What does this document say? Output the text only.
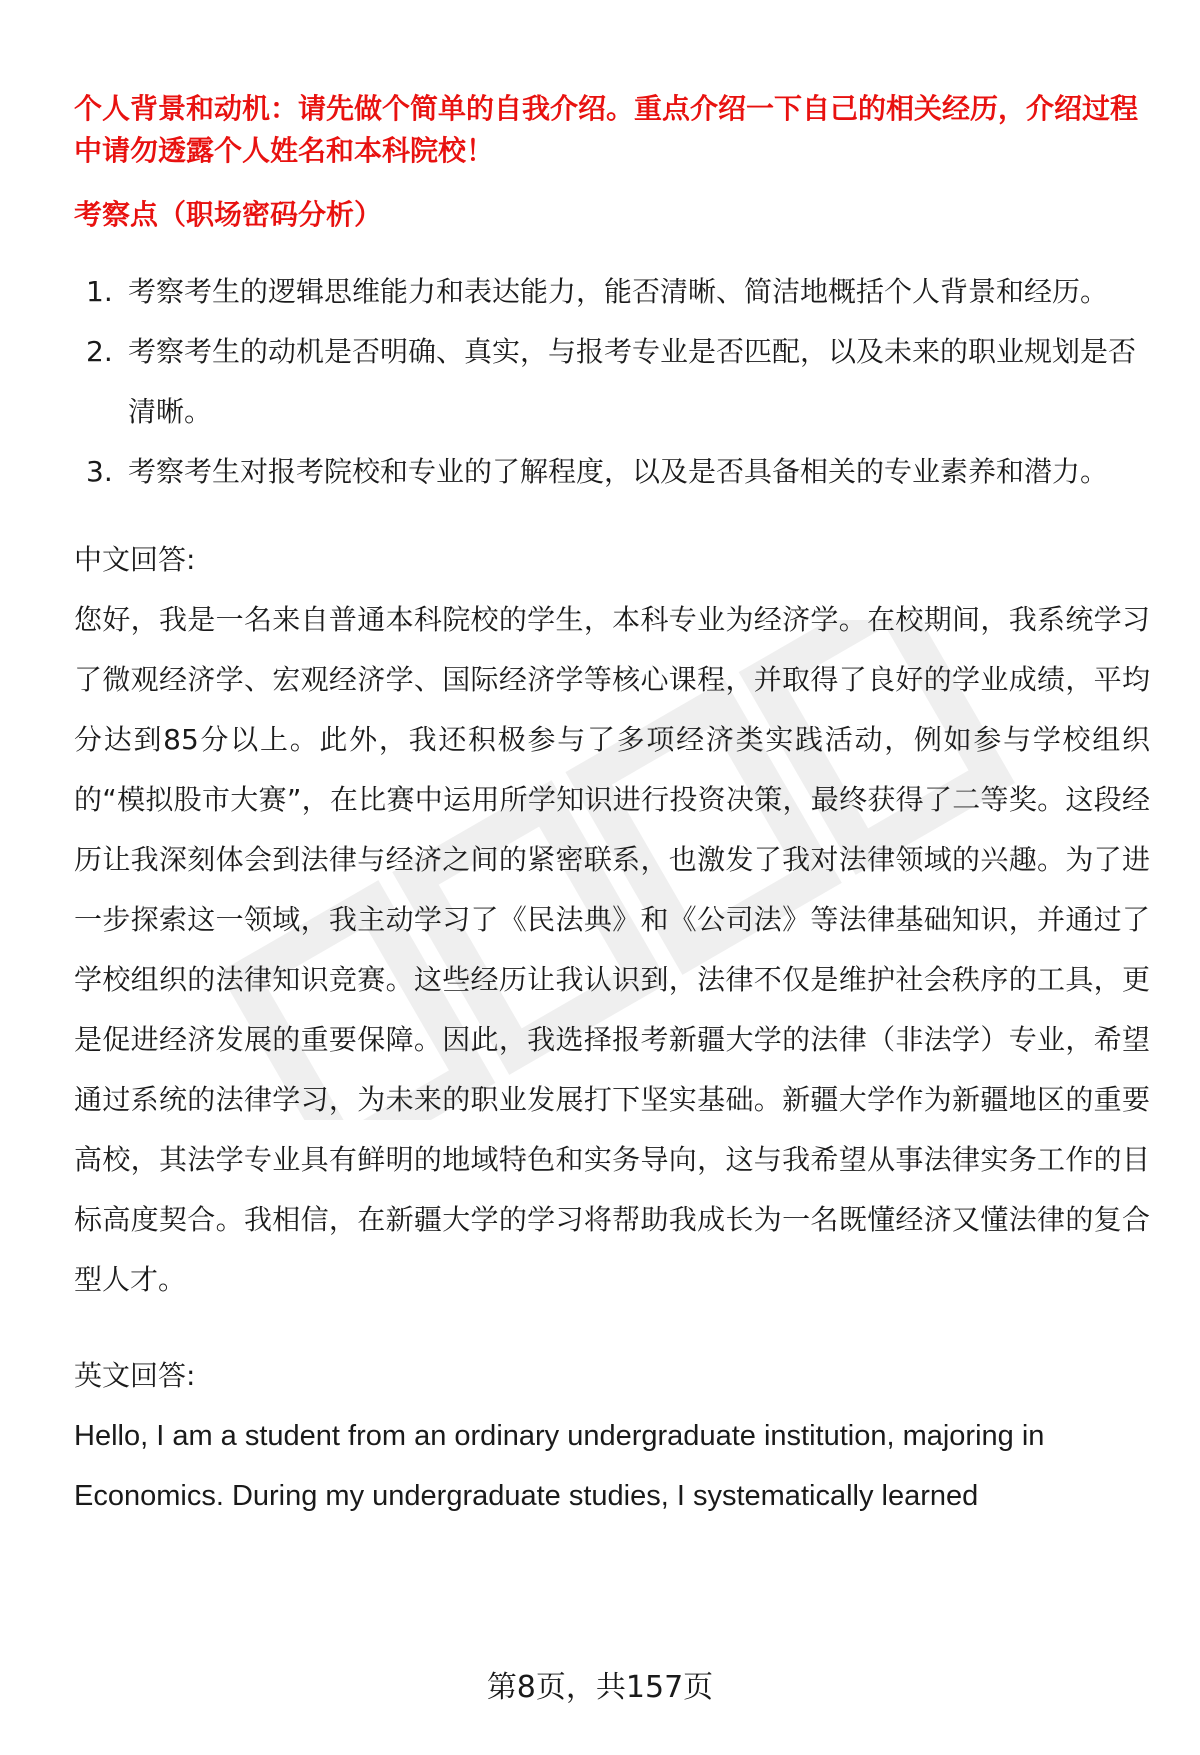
个人背景和动机：请先做个简单的自我介绍。重点介绍一下自己的相关经历，介绍过程中请勿透露个人姓名和本科院校！
考察点（职场密码分析）
1. 考察考生的逻辑思维能力和表达能力，能否清晰、简洁地概括个人背景和经历。
2. 考察考生的动机是否明确、真实，与报考专业是否匹配，以及未来的职业规划是否清晰。
3. 考察考生对报考院校和专业的了解程度，以及是否具备相关的专业素养和潜力。
中文回答:

您好，我是一名来自普通本科院校的学生，本科专业为经济学。在校期间，我系统学习了微观经济学、宏观经济学、国际经济学等核心课程，并取得了良好的学业成绩，平均分达到85分以上。此外，我还积极参与了多项经济类实践活动，例如参与学校组织的“模拟股市大赛”，在比赛中运用所学知识进行投资决策，最终获得了二等奖。这段经历让我深刻体会到法律与经济之间的紧密联系，也激发了我对法律领域的兴趣。为了进一步探索这一领域，我主动学习了《民法典》和《公司法》等法律基础知识，并通过了学校组织的法律知识竞赛。这些经历让我认识到，法律不仅是维护社会秩序的工具，更是促进经济发展的重要保障。因此，我选择报考新疆大学的法律（非法学）专业，希望通过系统的法律学习，为未来的职业发展打下坚实基础。新疆大学作为新疆地区的重要高校，其法学专业具有鲜明的地域特色和实务导向，这与我希望从事法律实务工作的目标高度契合。我相信，在新疆大学的学习将帮助我成长为一名既懂经济又懂法律的复合型人才。

英文回答:

Hello, I am a student from an ordinary undergraduate institution, majoring in Economics. During my undergraduate studies, I systematically learned

第8页，共157页
